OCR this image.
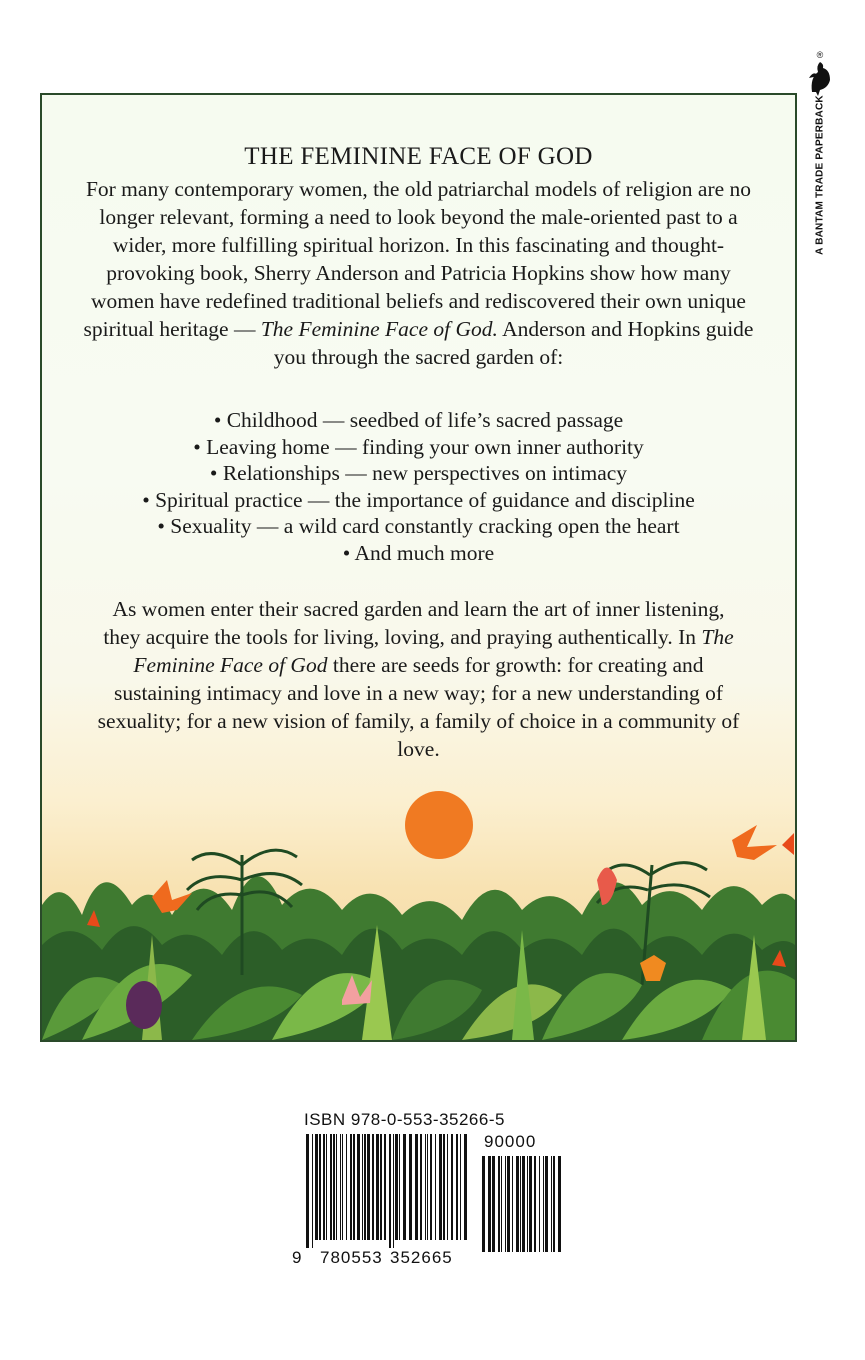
THE FEMININE FACE OF GOD

For many contemporary women, the old patriarchal models of religion are no longer relevant, forming a need to look beyond the male-oriented past to a wider, more fulfilling spiritual horizon. In this fascinating and thought-provoking book, Sherry Anderson and Patricia Hopkins show how many women have redefined traditional beliefs and rediscovered their own unique spiritual heritage — The Feminine Face of God. Anderson and Hopkins guide you through the sacred garden of:

• Childhood — seedbed of life’s sacred passage
• Leaving home — finding your own inner authority
• Relationships — new perspectives on intimacy
• Spiritual practice — the importance of guidance and discipline
• Sexuality — a wild card constantly cracking open the heart
• And much more

As women enter their sacred garden and learn the art of inner listening, they acquire the tools for living, loving, and praying authentically. In The Feminine Face of God there are seeds for growth: for creating and sustaining intimacy and love in a new way; for a new understanding of sexuality; for a new vision of family, a family of choice in a community of love.

®
A BANTAM TRADE PAPERBACK
ISBN 978-0-553-35266-5
90000
9 780553 352665
